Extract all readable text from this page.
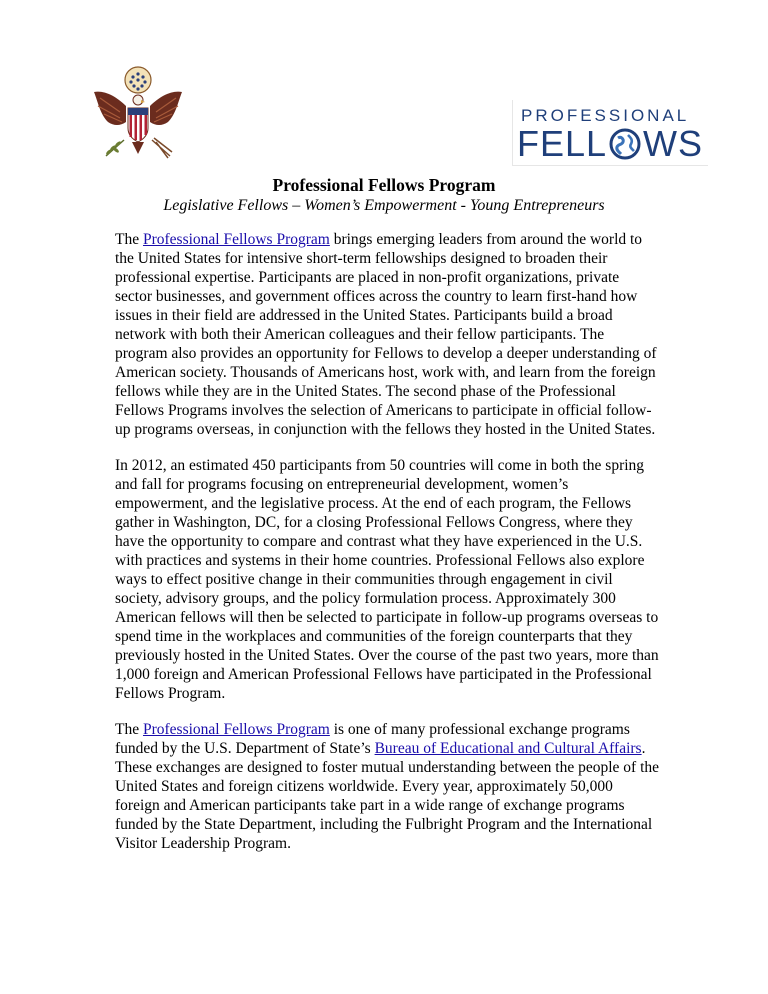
PROFESSIONAL
FELL WS
Professional Fellows Program
Legislative Fellows – Women’s Empowerment - Young Entrepreneurs

The Professional Fellows Program brings emerging leaders from around the world to the United States for intensive short-term fellowships designed to broaden their professional expertise. Participants are placed in non-profit organizations, private sector businesses, and government offices across the country to learn first-hand how issues in their field are addressed in the United States. Participants build a broad network with both their American colleagues and their fellow participants. The program also provides an opportunity for Fellows to develop a deeper understanding of American society. Thousands of Americans host, work with, and learn from the foreign fellows while they are in the United States. The second phase of the Professional Fellows Programs involves the selection of Americans to participate in official follow-up programs overseas, in conjunction with the fellows they hosted in the United States.

In 2012, an estimated 450 participants from 50 countries will come in both the spring and fall for programs focusing on entrepreneurial development, women’s empowerment, and the legislative process. At the end of each program, the Fellows gather in Washington, DC, for a closing Professional Fellows Congress, where they have the opportunity to compare and contrast what they have experienced in the U.S. with practices and systems in their home countries. Professional Fellows also explore ways to effect positive change in their communities through engagement in civil society, advisory groups, and the policy formulation process. Approximately 300 American fellows will then be selected to participate in follow-up programs overseas to spend time in the workplaces and communities of the foreign counterparts that they previously hosted in the United States. Over the course of the past two years, more than 1,000 foreign and American Professional Fellows have participated in the Professional Fellows Program.

The Professional Fellows Program is one of many professional exchange programs funded by the U.S. Department of State’s Bureau of Educational and Cultural Affairs. These exchanges are designed to foster mutual understanding between the people of the United States and foreign citizens worldwide. Every year, approximately 50,000 foreign and American participants take part in a wide range of exchange programs funded by the State Department, including the Fulbright Program and the International Visitor Leadership Program.
